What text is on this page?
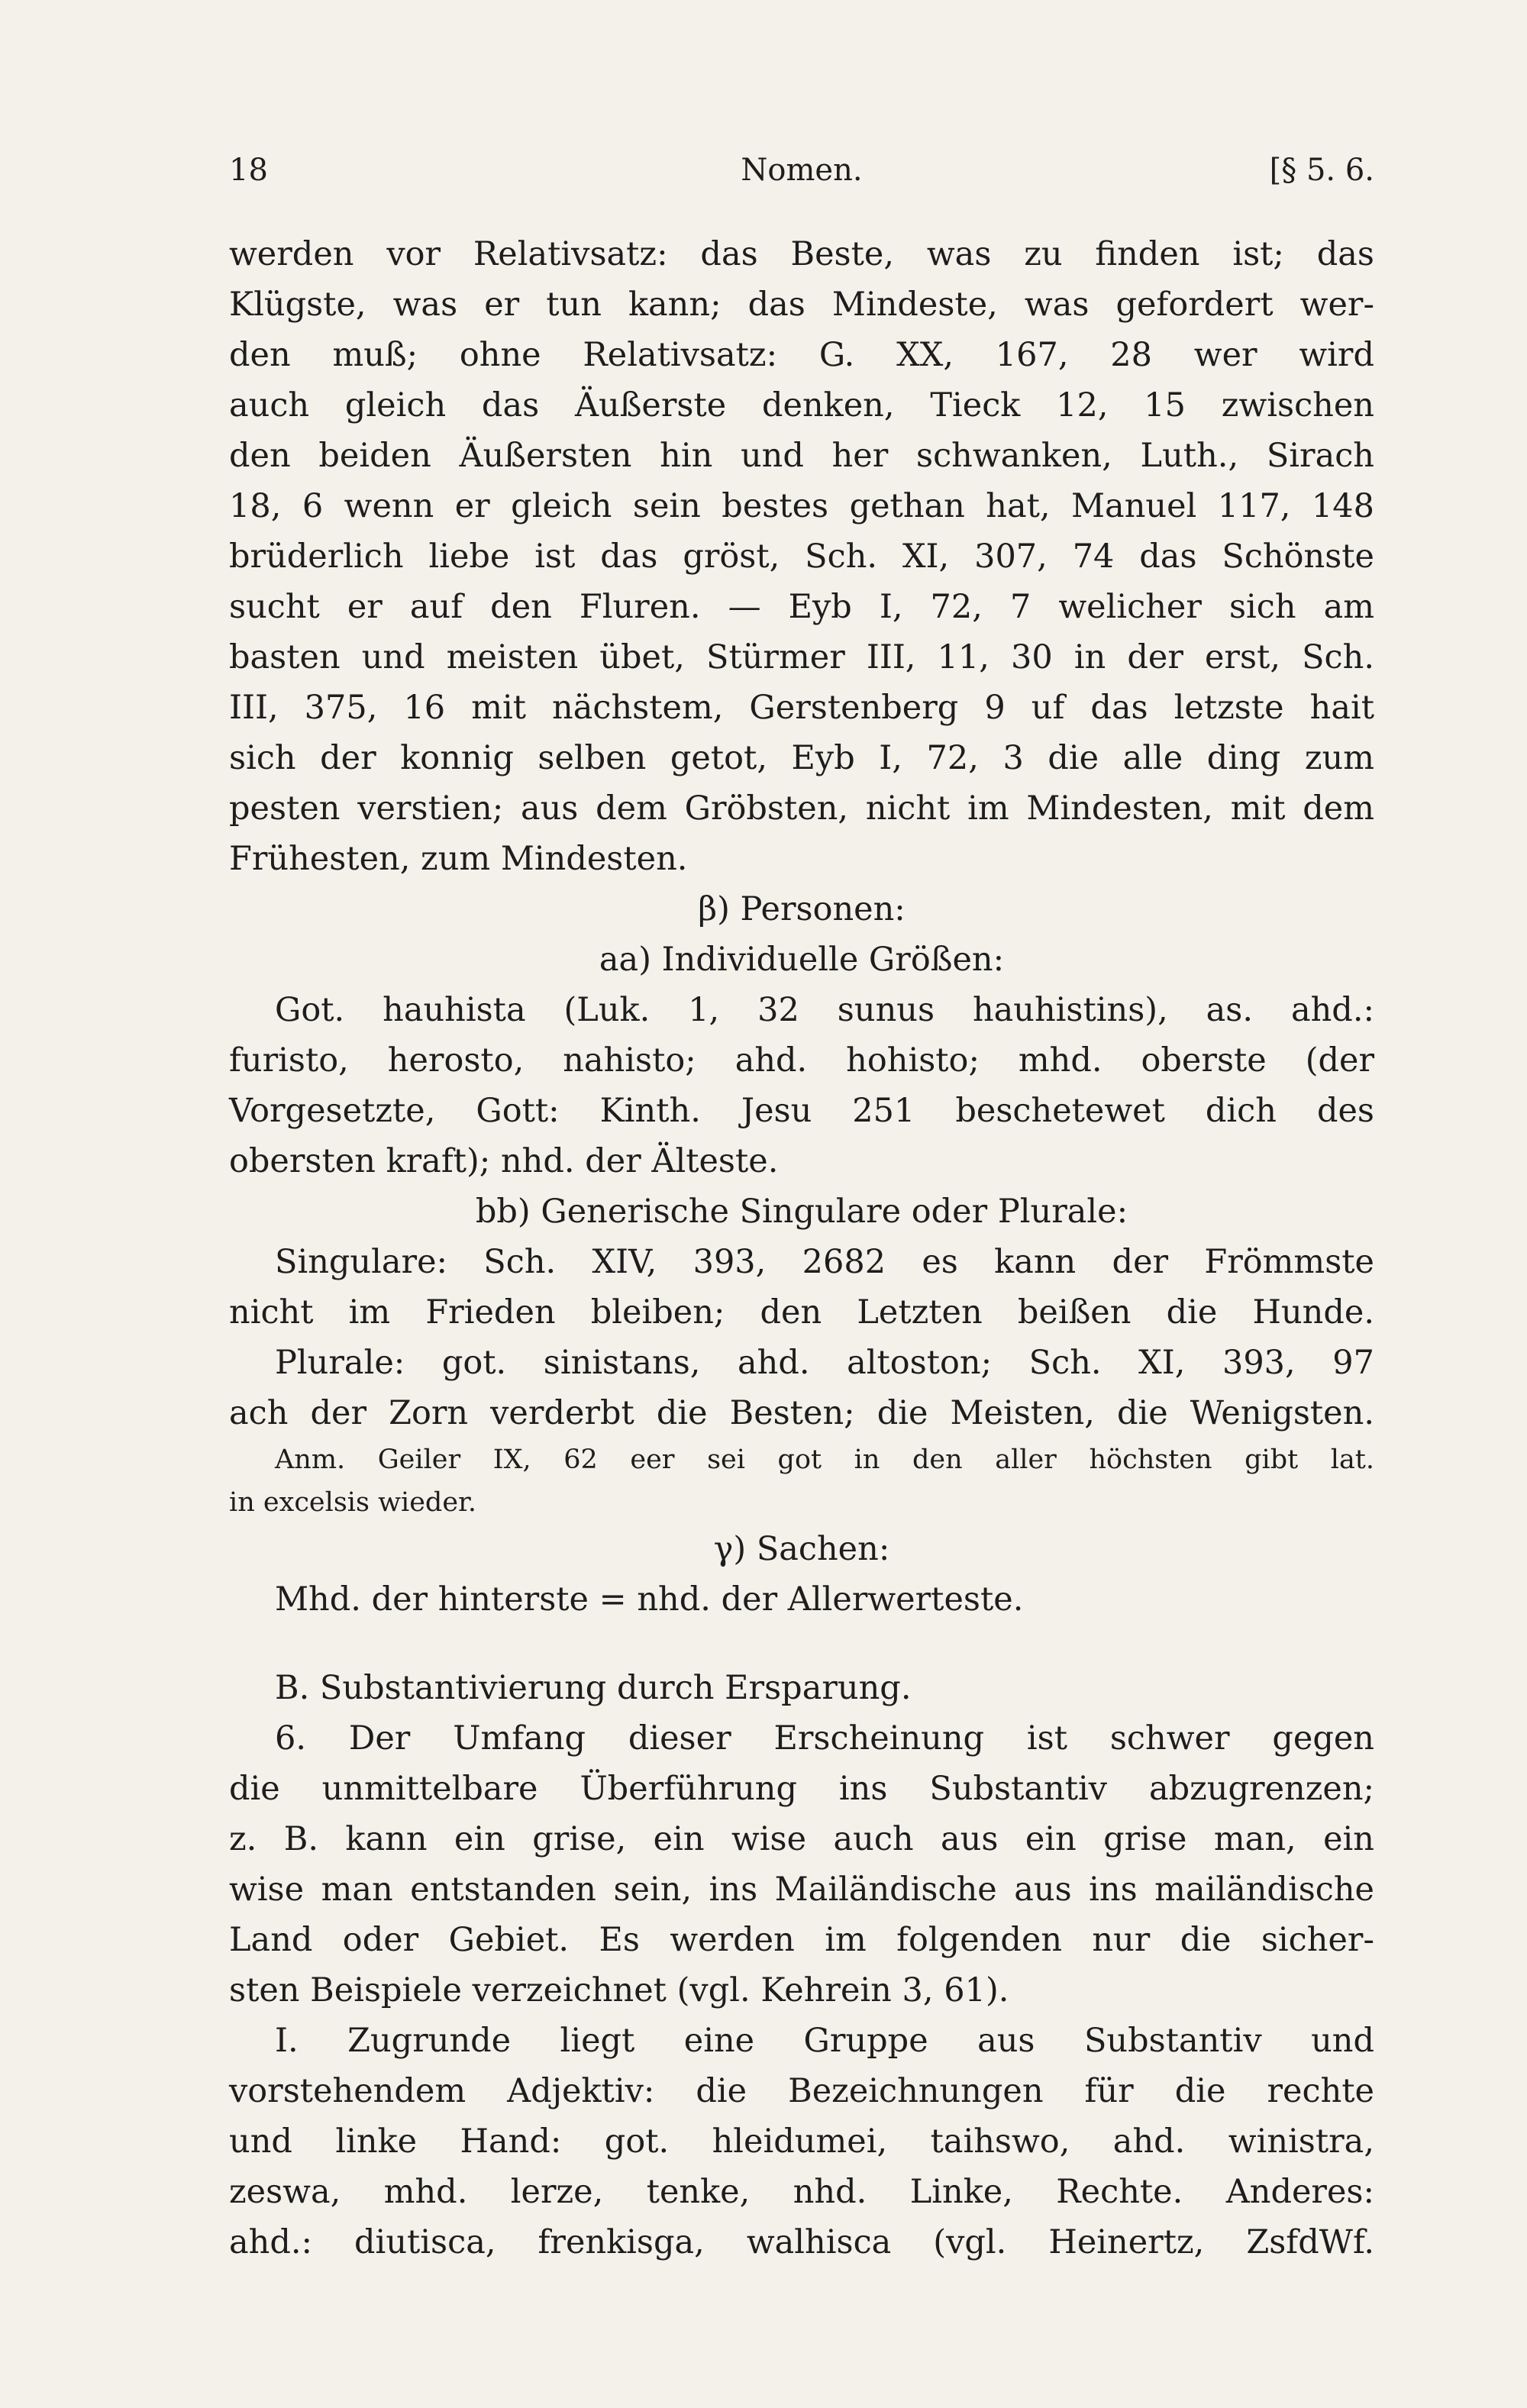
18	Nomen.	[§ 5. 6.
werden vor Relativsatz: das Beste, was zu finden ist; das
Klügste, was er tun kann; das Mindeste, was gefordert wer-
den muß; ohne Relativsatz: G. XX, 167, 28 wer wird
auch gleich das Äußerste denken, Tieck 12, 15 zwischen
den beiden Äußersten hin und her schwanken, Luth., Sirach
18, 6 wenn er gleich sein bestes gethan hat, Manuel 117, 148
brüderlich liebe ist das gröst, Sch. XI, 307, 74 das Schönste
sucht er auf den Fluren. — Eyb I, 72, 7 welicher sich am
basten und meisten übet, Stürmer III, 11, 30 in der erst, Sch.
III, 375, 16 mit nächstem, Gerstenberg 9 uf das letzste hait
sich der konnig selben getot, Eyb I, 72, 3 die alle ding zum
pesten verstien; aus dem Gröbsten, nicht im Mindesten, mit dem
Frühesten, zum Mindesten.
β) Personen:
aa) Individuelle Größen:
Got. hauhista (Luk. 1, 32 sunus hauhistins), as. ahd.:
furisto, herosto, nahisto; ahd. hohisto; mhd. oberste (der
Vorgesetzte, Gott: Kinth. Jesu 251 beschetewet dich des
obersten kraft); nhd. der Älteste.
bb) Generische Singulare oder Plurale:
Singulare: Sch. XIV, 393, 2682 es kann der Frömmste
nicht im Frieden bleiben; den Letzten beißen die Hunde.
Plurale: got. sinistans, ahd. altoston; Sch. XI, 393, 97
ach der Zorn verderbt die Besten; die Meisten, die Wenigsten.
Anm. Geiler IX, 62 eer sei got in den aller höchsten gibt lat.
in excelsis wieder.
γ) Sachen:
Mhd. der hinterste = nhd. der Allerwerteste.
B. Substantivierung durch Ersparung.
6. Der Umfang dieser Erscheinung ist schwer gegen
die unmittelbare Überführung ins Substantiv abzugrenzen;
z. B. kann ein grise, ein wise auch aus ein grise man, ein
wise man entstanden sein, ins Mailändische aus ins mailändische
Land oder Gebiet. Es werden im folgenden nur die sicher-
sten Beispiele verzeichnet (vgl. Kehrein 3, 61).
I. Zugrunde liegt eine Gruppe aus Substantiv und
vorstehendem Adjektiv: die Bezeichnungen für die rechte
und linke Hand: got. hleidumei, taihswo, ahd. winistra,
zeswa, mhd. lerze, tenke, nhd. Linke, Rechte. Anderes:
ahd.: diutisca, frenkisga, walhisca (vgl. Heinertz, ZsfdWf.
